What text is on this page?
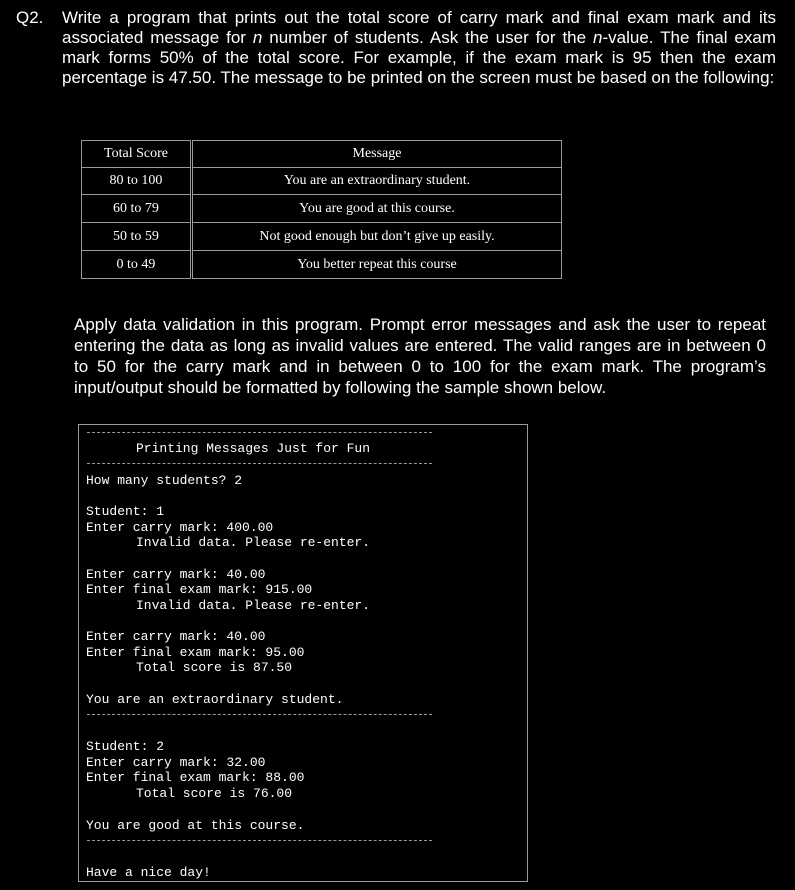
Q2. Write a program that prints out the total score of carry mark and final exam mark and its associated message for n number of students. Ask the user for the n-value. The final exam mark forms 50% of the total score. For example, if the exam mark is 95 then the exam percentage is 47.50. The message to be printed on the screen must be based on the following:
Total Score	Message
80 to 100	You are an extraordinary student.
60 to 79	You are good at this course.
50 to 59	Not good enough but don’t give up easily.
0 to 49	You better repeat this course
Apply data validation in this program. Prompt error messages and ask the user to repeat entering the data as long as invalid values are entered. The valid ranges are in between 0 to 50 for the carry mark and in between 0 to 100 for the exam mark. The program’s input/output should be formatted by following the sample shown below.
Printing Messages Just for Fun
How many students? 2
Student: 1
Enter carry mark: 400.00
Invalid data. Please re-enter.
Enter carry mark: 40.00
Enter final exam mark: 915.00
Invalid data. Please re-enter.
Enter carry mark: 40.00
Enter final exam mark: 95.00
Total score is 87.50
You are an extraordinary student.
Student: 2
Enter carry mark: 32.00
Enter final exam mark: 88.00
Total score is 76.00
You are good at this course.
Have a nice day!
